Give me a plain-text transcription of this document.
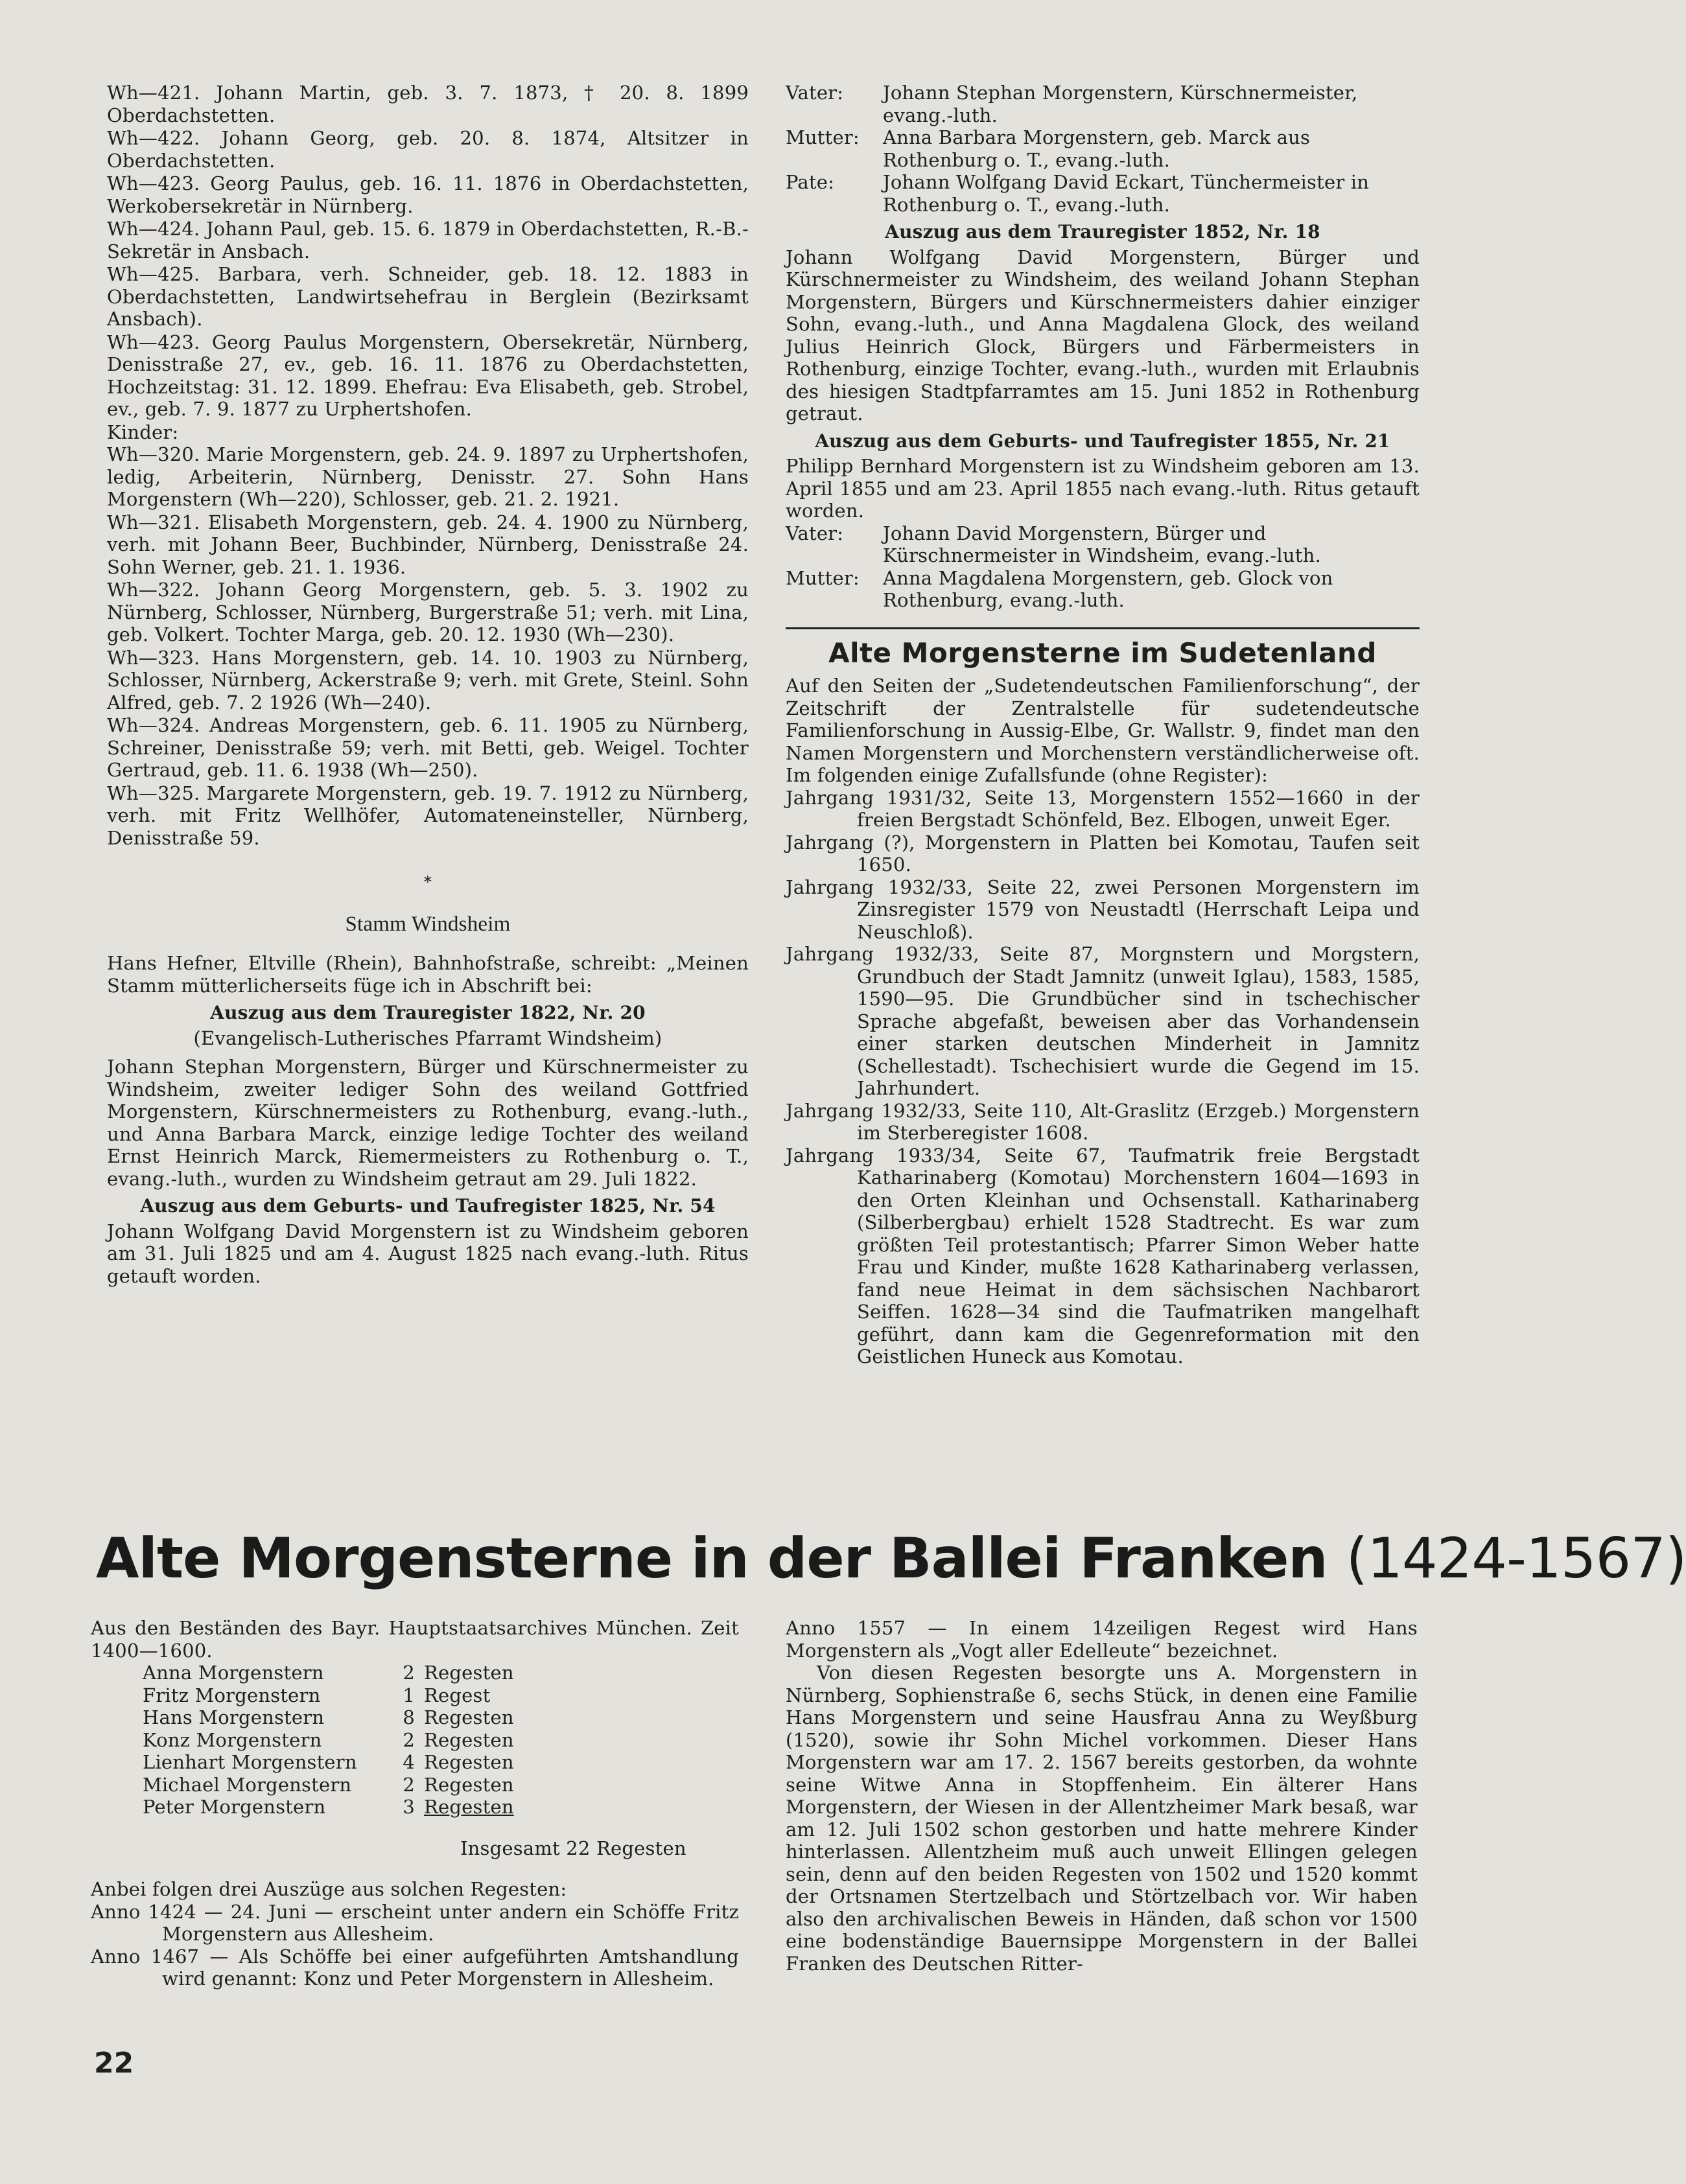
Wh—421. Johann Martin, geb. 3. 7. 1873, † 20. 8. 1899 Oberdachstetten.

Wh—422. Johann Georg, geb. 20. 8. 1874, Altsitzer in Oberdachstetten.

Wh—423. Georg Paulus, geb. 16. 11. 1876 in Oberdachstetten, Werkobersekretär in Nürnberg.

Wh—424. Johann Paul, geb. 15. 6. 1879 in Oberdachstetten, R.-B.-Sekretär in Ansbach.

Wh—425. Barbara, verh. Schneider, geb. 18. 12. 1883 in Oberdachstetten, Landwirtsehefrau in Berglein (Bezirksamt Ansbach).

Wh—423. Georg Paulus Morgenstern, Obersekretär, Nürnberg, Denisstraße 27, ev., geb. 16. 11. 1876 zu Oberdachstetten, Hochzeitstag: 31. 12. 1899. Ehefrau: Eva Elisabeth, geb. Strobel, ev., geb. 7. 9. 1877 zu Urphertshofen.

Kinder:

Wh—320. Marie Morgenstern, geb. 24. 9. 1897 zu Urphertshofen, ledig, Arbeiterin, Nürnberg, Denisstr. 27. Sohn Hans Morgenstern (Wh—220), Schlosser, geb. 21. 2. 1921.

Wh—321. Elisabeth Morgenstern, geb. 24. 4. 1900 zu Nürnberg, verh. mit Johann Beer, Buchbinder, Nürnberg, Denisstraße 24. Sohn Werner, geb. 21. 1. 1936.

Wh—322. Johann Georg Morgenstern, geb. 5. 3. 1902 zu Nürnberg, Schlosser, Nürnberg, Burgerstraße 51; verh. mit Lina, geb. Volkert. Tochter Marga, geb. 20. 12. 1930 (Wh—230).

Wh—323. Hans Morgenstern, geb. 14. 10. 1903 zu Nürnberg, Schlosser, Nürnberg, Ackerstraße 9; verh. mit Grete, Steinl. Sohn Alfred, geb. 7. 2 1926 (Wh—240).

Wh—324. Andreas Morgenstern, geb. 6. 11. 1905 zu Nürnberg, Schreiner, Denisstraße 59; verh. mit Betti, geb. Weigel. Tochter Gertraud, geb. 11. 6. 1938 (Wh—250).

Wh—325. Margarete Morgenstern, geb. 19. 7. 1912 zu Nürnberg, verh. mit Fritz Wellhöfer, Automateneinsteller, Nürnberg, Denisstraße 59.

*
Stamm Windsheim

Hans Hefner, Eltville (Rhein), Bahnhofstraße, schreibt: „Meinen Stamm mütterlicherseits füge ich in Abschrift bei:

Auszug aus dem Trauregister 1822, Nr. 20
(Evangelisch-Lutherisches Pfarramt Windsheim)

Johann Stephan Morgenstern, Bürger und Kürschnermeister zu Windsheim, zweiter lediger Sohn des weiland Gottfried Morgenstern, Kürschnermeisters zu Rothenburg, evang.-luth., und Anna Barbara Marck, einzige ledige Tochter des weiland Ernst Heinrich Marck, Riemermeisters zu Rothenburg o. T., evang.-luth., wurden zu Windsheim getraut am 29. Juli 1822.

Auszug aus dem Geburts- und Taufregister 1825, Nr. 54

Johann Wolfgang David Morgenstern ist zu Windsheim geboren am 31. Juli 1825 und am 4. August 1825 nach evang.-luth. Ritus getauft worden.

Vater:	Johann Stephan Morgenstern, Kürschnermeister, evang.-luth.
Mutter:	Anna Barbara Morgenstern, geb. Marck aus Rothenburg o. T., evang.-luth.
Pate:	Johann Wolfgang David Eckart, Tünchermeister in Rothenburg o. T., evang.-luth.
Auszug aus dem Trauregister 1852, Nr. 18

Johann Wolfgang David Morgenstern, Bürger und Kürschnermeister zu Windsheim, des weiland Johann Stephan Morgenstern, Bürgers und Kürschnermeisters dahier einziger Sohn, evang.-luth., und Anna Magdalena Glock, des weiland Julius Heinrich Glock, Bürgers und Färbermeisters in Rothenburg, einzige Tochter, evang.-luth., wurden mit Erlaubnis des hiesigen Stadtpfarramtes am 15. Juni 1852 in Rothenburg getraut.

Auszug aus dem Geburts- und Taufregister 1855, Nr. 21

Philipp Bernhard Morgenstern ist zu Windsheim geboren am 13. April 1855 und am 23. April 1855 nach evang.-luth. Ritus getauft worden.

Vater:	Johann David Morgenstern, Bürger und Kürschnermeister in Windsheim, evang.-luth.
Mutter:	Anna Magdalena Morgenstern, geb. Glock von Rothenburg, evang.-luth.
Alte Morgensterne im Sudetenland

Auf den Seiten der „Sudetendeutschen Familienforschung“, der Zeitschrift der Zentralstelle für sudetendeutsche Familienforschung in Aussig-Elbe, Gr. Wallstr. 9, findet man den Namen Morgenstern und Morchenstern verständlicherweise oft. Im folgenden einige Zufallsfunde (ohne Register):

Jahrgang 1931/32, Seite 13, Morgenstern 1552—1660 in der freien Bergstadt Schönfeld, Bez. Elbogen, unweit Eger.

Jahrgang (?), Morgenstern in Platten bei Komotau, Taufen seit 1650.

Jahrgang 1932/33, Seite 22, zwei Personen Morgenstern im Zinsregister 1579 von Neustadtl (Herrschaft Leipa und Neuschloß).

Jahrgang 1932/33, Seite 87, Morgnstern und Morgstern, Grundbuch der Stadt Jamnitz (unweit Iglau), 1583, 1585, 1590—95. Die Grundbücher sind in tschechischer Sprache abgefaßt, beweisen aber das Vorhandensein einer starken deutschen Minderheit in Jamnitz (Schellestadt). Tschechisiert wurde die Gegend im 15. Jahrhundert.

Jahrgang 1932/33, Seite 110, Alt-Graslitz (Erzgeb.) Morgenstern im Sterberegister 1608.

Jahrgang 1933/34, Seite 67, Taufmatrik freie Bergstadt Katharinaberg (Komotau) Morchenstern 1604—1693 in den Orten Kleinhan und Ochsenstall. Katharinaberg (Silberbergbau) erhielt 1528 Stadtrecht. Es war zum größten Teil protestantisch; Pfarrer Simon Weber hatte Frau und Kinder, mußte 1628 Katharinaberg verlassen, fand neue Heimat in dem sächsischen Nachbarort Seiffen. 1628—34 sind die Taufmatriken mangelhaft geführt, dann kam die Gegenreformation mit den Geistlichen Huneck aus Komotau.

Alte Morgensterne in der Ballei Franken (1424-1567)

Aus den Beständen des Bayr. Hauptstaatsarchives München. Zeit 1400—1600.

Anna Morgenstern	2	Regesten
Fritz Morgenstern	1	Regest
Hans Morgenstern	8	Regesten
Konz Morgenstern	2	Regesten
Lienhart Morgenstern	4	Regesten
Michael Morgenstern	2	Regesten
Peter Morgenstern	3	Regesten

Insgesamt 22 Regesten

Anbei folgen drei Auszüge aus solchen Regesten:

Anno 1424 — 24. Juni — erscheint unter andern ein Schöffe Fritz Morgenstern aus Allesheim.

Anno 1467 — Als Schöffe bei einer aufgeführten Amtshandlung wird genannt: Konz und Peter Morgenstern in Allesheim.

Anno 1557 — In einem 14zeiligen Regest wird Hans Morgenstern als „Vogt aller Edelleute“ bezeichnet.

Von diesen Regesten besorgte uns A. Morgenstern in Nürnberg, Sophienstraße 6, sechs Stück, in denen eine Familie Hans Morgenstern und seine Hausfrau Anna zu Weyßburg (1520), sowie ihr Sohn Michel vorkommen. Dieser Hans Morgenstern war am 17. 2. 1567 bereits gestorben, da wohnte seine Witwe Anna in Stopffenheim. Ein älterer Hans Morgenstern, der Wiesen in der Allentzheimer Mark besaß, war am 12. Juli 1502 schon gestorben und hatte mehrere Kinder hinterlassen. Allentzheim muß auch unweit Ellingen gelegen sein, denn auf den beiden Regesten von 1502 und 1520 kommt der Ortsnamen Stertzelbach und Störtzelbach vor. Wir haben also den archivalischen Beweis in Händen, daß schon vor 1500 eine bodenständige Bauernsippe Morgenstern in der Ballei Franken des Deutschen Ritter-

22
